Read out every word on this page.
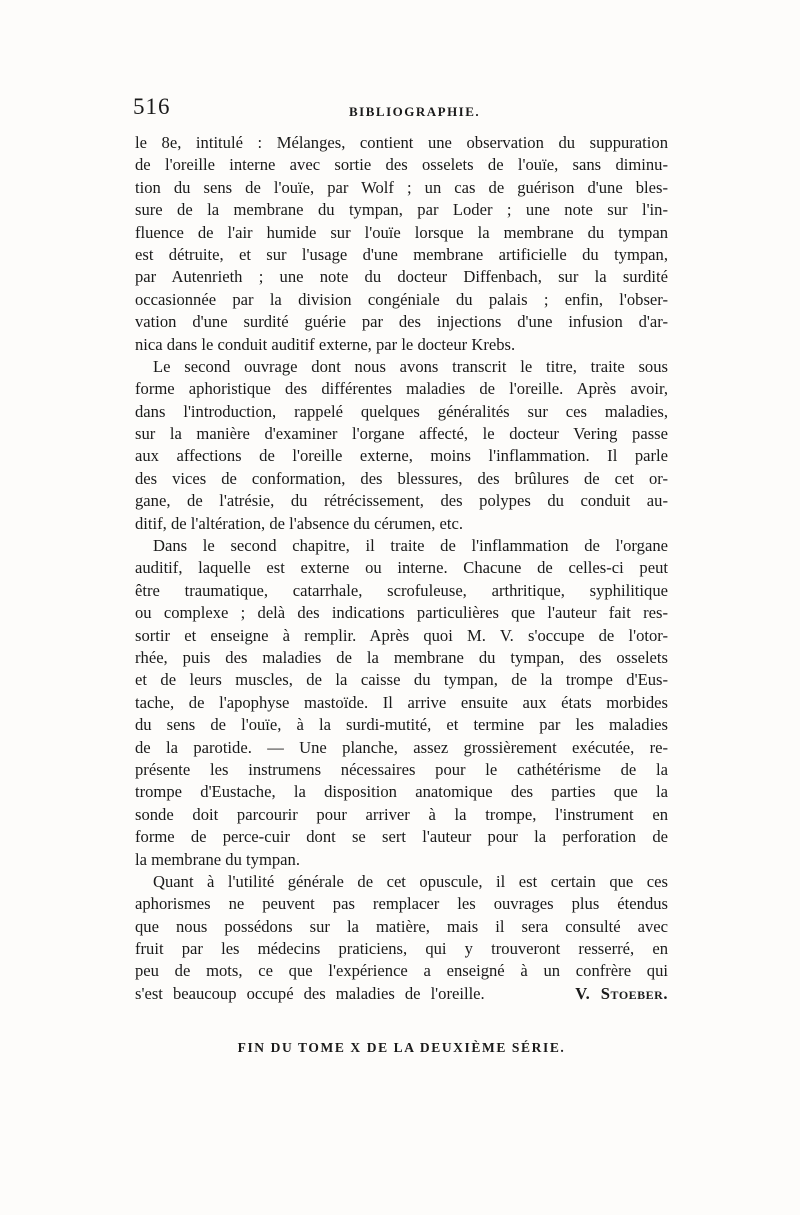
516	BIBLIOGRAPHIE.
le 8e, intitulé : Mélanges, contient une observation du suppuration
de l'oreille interne avec sortie des osselets de l'ouïe, sans diminu-
tion du sens de l'ouïe, par Wolf ; un cas de guérison d'une bles-
sure de la membrane du tympan, par Loder ; une note sur l'in-
fluence de l'air humide sur l'ouïe lorsque la membrane du tympan
est détruite, et sur l'usage d'une membrane artificielle du tympan,
par Autenrieth ; une note du docteur Diffenbach, sur la surdité
occasionnée par la division congéniale du palais ; enfin, l'obser-
vation d'une surdité guérie par des injections d'une infusion d'ar-
nica dans le conduit auditif externe, par le docteur Krebs.
Le second ouvrage dont nous avons transcrit le titre, traite sous
forme aphoristique des différentes maladies de l'oreille. Après avoir,
dans l'introduction, rappelé quelques généralités sur ces maladies,
sur la manière d'examiner l'organe affecté, le docteur Vering passe
aux affections de l'oreille externe, moins l'inflammation. Il parle
des vices de conformation, des blessures, des brûlures de cet or-
gane, de l'atrésie, du rétrécissement, des polypes du conduit au-
ditif, de l'altération, de l'absence du cérumen, etc.
Dans le second chapitre, il traite de l'inflammation de l'organe
auditif, laquelle est externe ou interne. Chacune de celles-ci peut
être traumatique, catarrhale, scrofuleuse, arthritique, syphilitique
ou complexe ; delà des indications particulières que l'auteur fait res-
sortir et enseigne à remplir. Après quoi M. V. s'occupe de l'otor-
rhée, puis des maladies de la membrane du tympan, des osselets
et de leurs muscles, de la caisse du tympan, de la trompe d'Eus-
tache, de l'apophyse mastoïde. Il arrive ensuite aux états morbides
du sens de l'ouïe, à la surdi-mutité, et termine par les maladies
de la parotide. — Une planche, assez grossièrement exécutée, re-
présente les instrumens nécessaires pour le cathétérisme de la
trompe d'Eustache, la disposition anatomique des parties que la
sonde doit parcourir pour arriver à la trompe, l'instrument en
forme de perce-cuir dont se sert l'auteur pour la perforation de
la membrane du tympan.
Quant à l'utilité générale de cet opuscule, il est certain que ces
aphorismes ne peuvent pas remplacer les ouvrages plus étendus
que nous possédons sur la matière, mais il sera consulté avec
fruit par les médecins praticiens, qui y trouveront resserré, en
peu de mots, ce que l'expérience a enseigné à un confrère qui
s'est beaucoup occupé des maladies de l'oreille.	V. Stoeber.
FIN DU TOME X DE LA DEUXIÈME SÉRIE.
